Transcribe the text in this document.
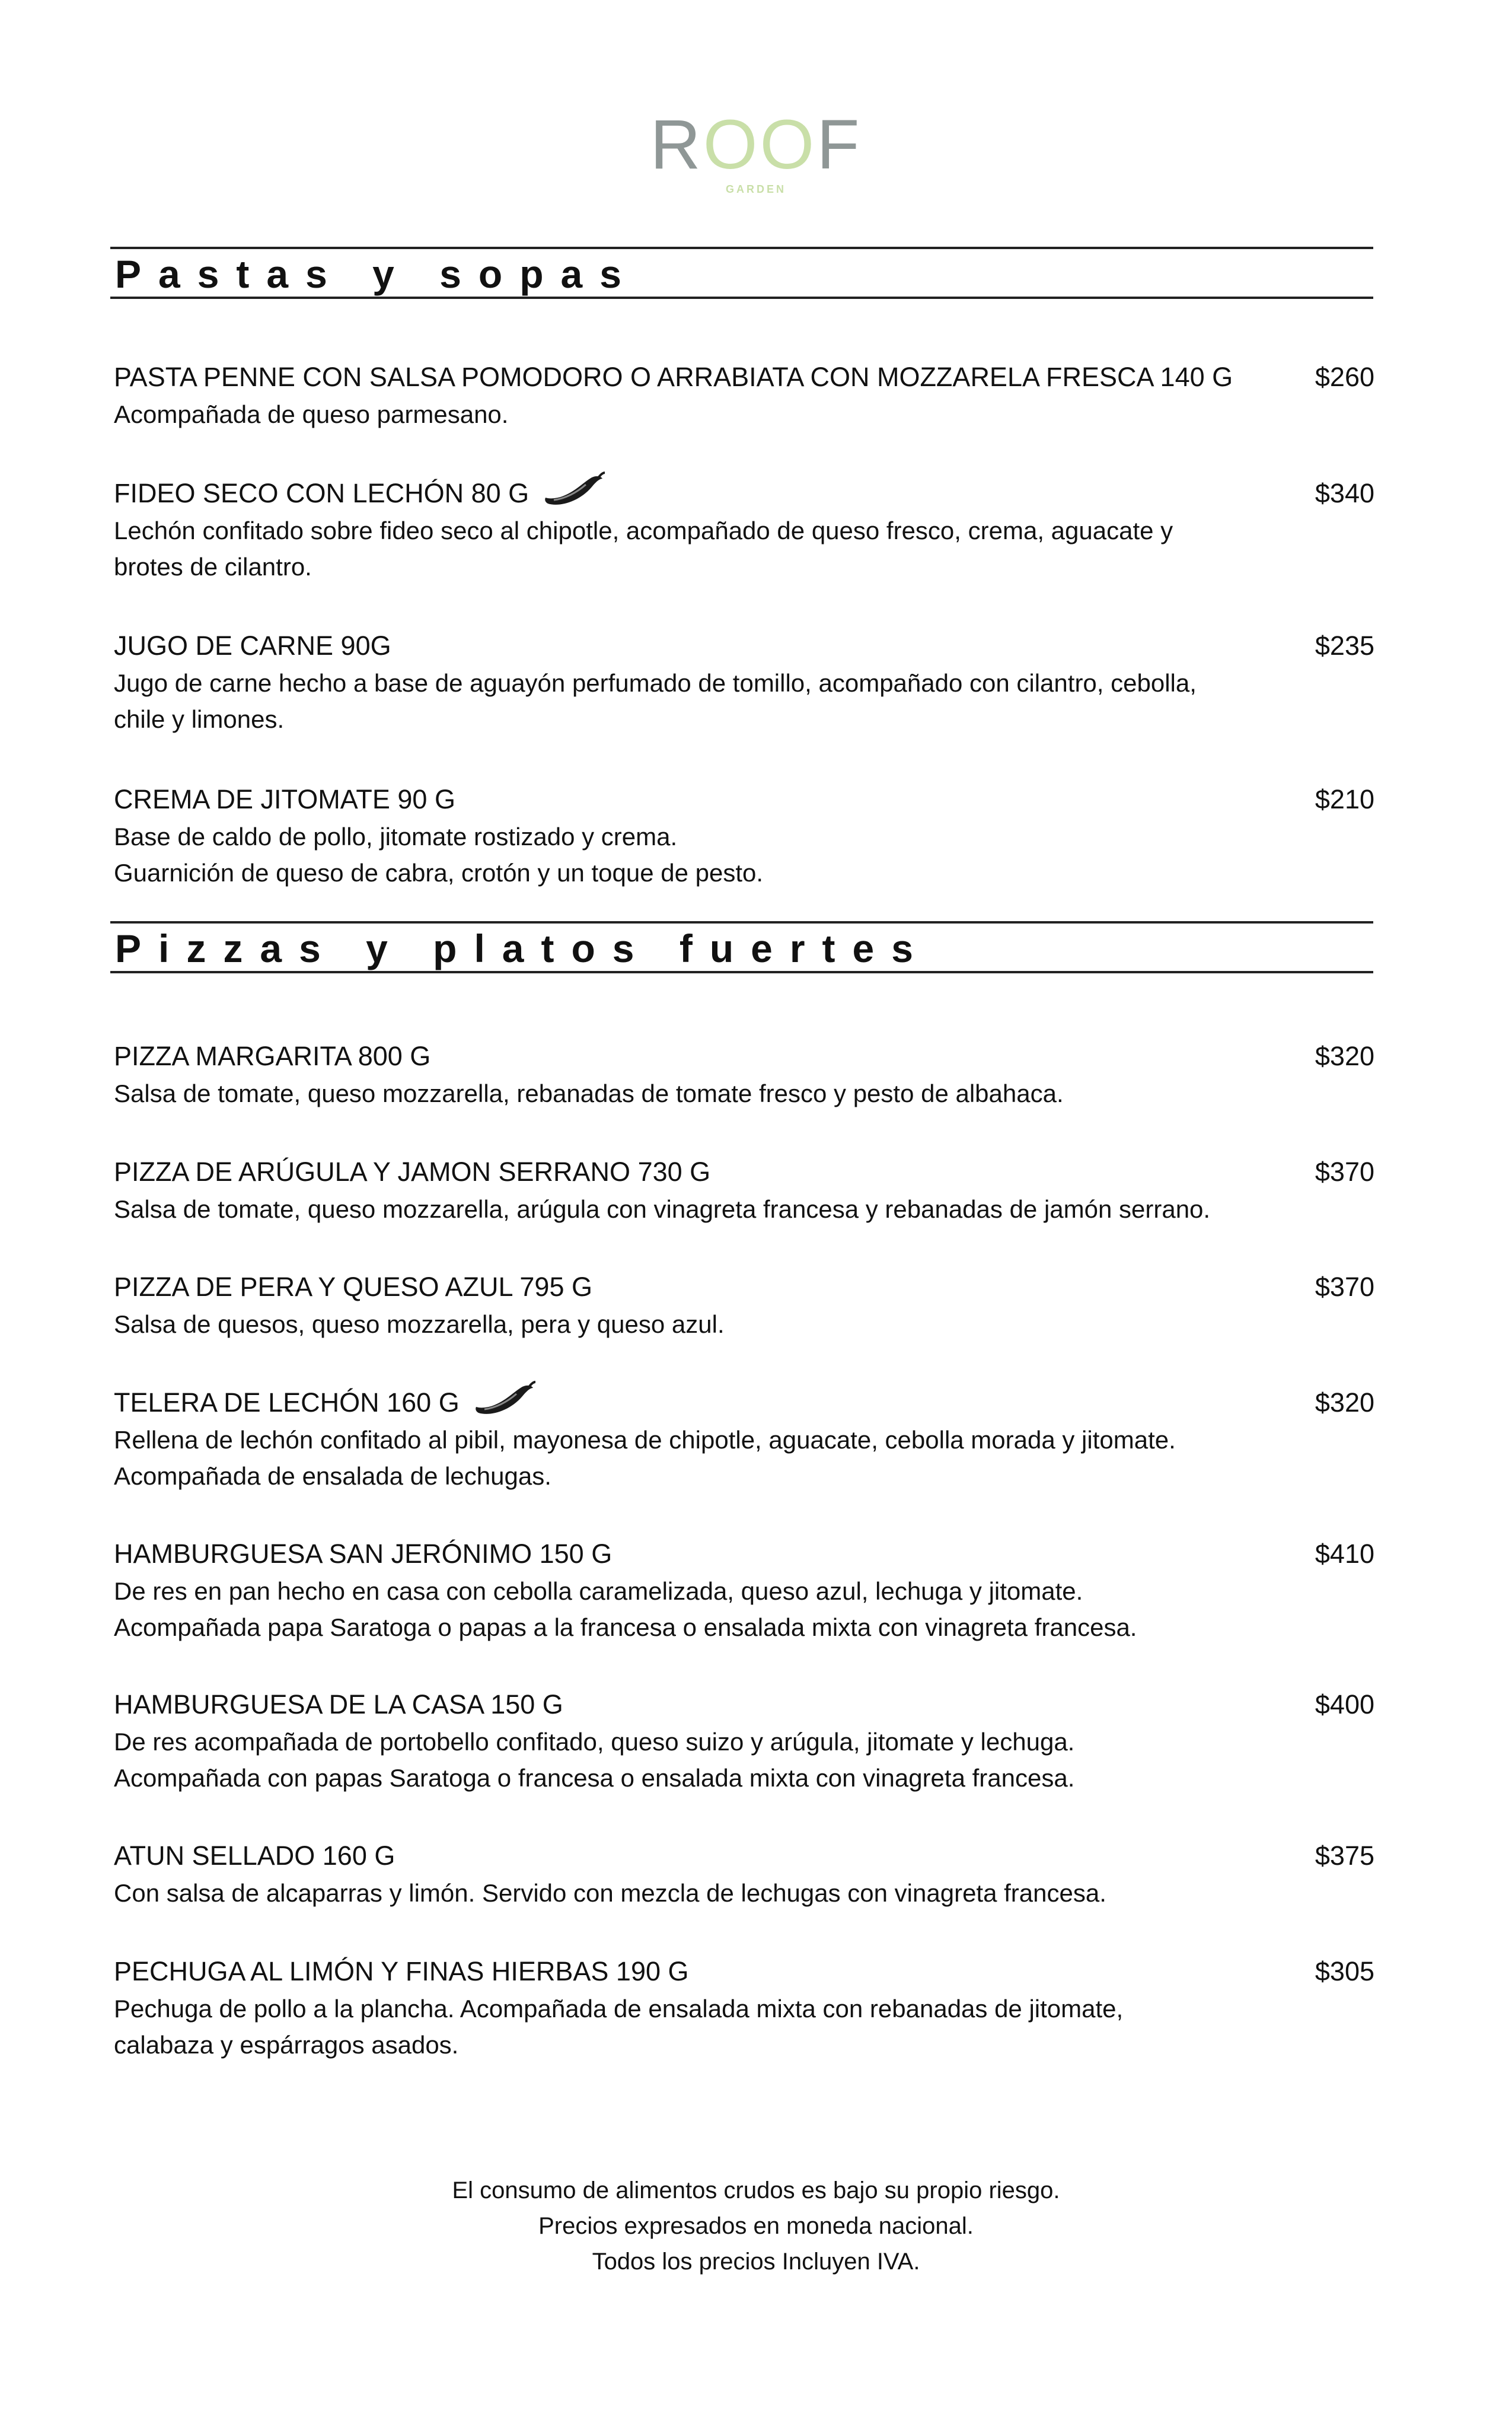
ROOF
GARDEN
Pastas y sopas
PASTA PENNE CON SALSA POMODORO O ARRABIATA CON MOZZARELA FRESCA 140 G	$260
Acompañada de queso parmesano.
FIDEO SECO CON LECHÓN 80 G	$340
Lechón confitado sobre fideo seco al chipotle, acompañado de queso fresco, crema, aguacate y
brotes de cilantro.
JUGO DE CARNE 90G	$235
Jugo de carne hecho a base de aguayón perfumado de tomillo, acompañado con cilantro, cebolla,
chile y limones.
CREMA DE JITOMATE 90 G	$210
Base de caldo de pollo, jitomate rostizado y crema.
Guarnición de queso de cabra, crotón y un toque de pesto.
Pizzas y platos fuertes
PIZZA MARGARITA 800 G	$320
Salsa de tomate, queso mozzarella, rebanadas de tomate fresco y pesto de albahaca.
PIZZA DE ARÚGULA Y JAMON SERRANO 730 G	$370
Salsa de tomate, queso mozzarella, arúgula con vinagreta francesa y rebanadas de jamón serrano.
PIZZA DE PERA Y QUESO AZUL 795 G	$370
Salsa de quesos, queso mozzarella, pera y queso azul.
TELERA DE LECHÓN 160 G	$320
Rellena de lechón confitado al pibil, mayonesa de chipotle, aguacate, cebolla morada y jitomate.
Acompañada de ensalada de lechugas.
HAMBURGUESA SAN JERÓNIMO 150 G	$410
De res en pan hecho en casa con cebolla caramelizada, queso azul, lechuga y jitomate.
Acompañada papa Saratoga o papas a la francesa o ensalada mixta con vinagreta francesa.
HAMBURGUESA DE LA CASA 150 G	$400
De res acompañada de portobello confitado, queso suizo y arúgula, jitomate y lechuga.
Acompañada con papas Saratoga o francesa o ensalada mixta con vinagreta francesa.
ATUN SELLADO 160 G	$375
Con salsa de alcaparras y limón. Servido con mezcla de lechugas con vinagreta francesa.
PECHUGA AL LIMÓN Y FINAS HIERBAS 190 G	$305
Pechuga de pollo a la plancha. Acompañada de ensalada mixta con rebanadas de jitomate,
calabaza y espárragos asados.
El consumo de alimentos crudos es bajo su propio riesgo.
Precios expresados en moneda nacional.
Todos los precios Incluyen IVA.
